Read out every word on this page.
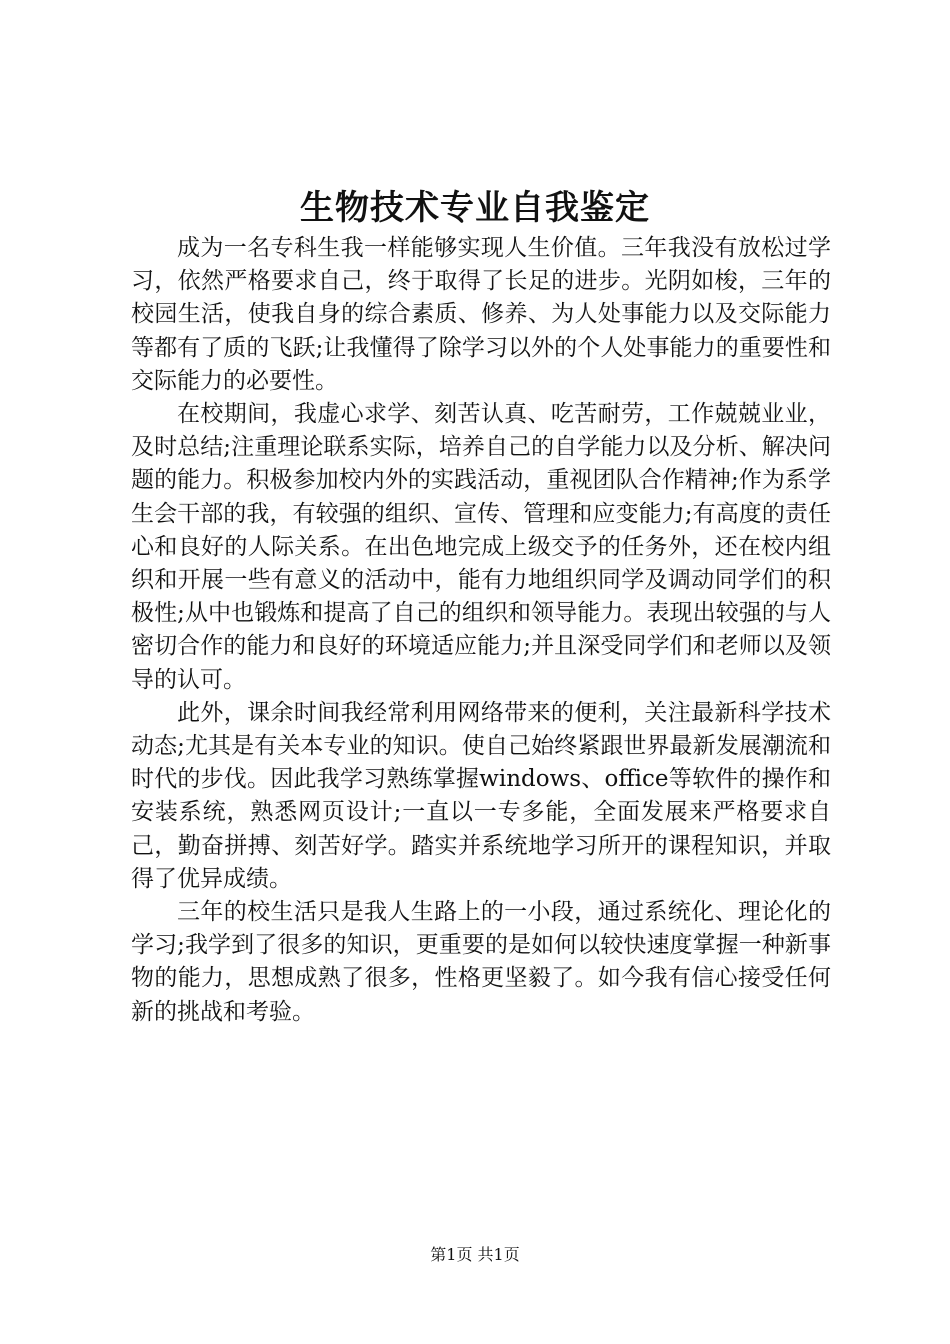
生物技术专业自我鉴定

成为一名专科生我一样能够实现人生价值。三年我没有放松过学习，依然严格要求自己，终于取得了长足的进步。光阴如梭，三年的校园生活，使我自身的综合素质、修养、为人处事能力以及交际能力等都有了质的飞跃;让我懂得了除学习以外的个人处事能力的重要性和交际能力的必要性。

在校期间，我虚心求学、刻苦认真、吃苦耐劳，工作兢兢业业，及时总结;注重理论联系实际，培养自己的自学能力以及分析、解决问题的能力。积极参加校内外的实践活动，重视团队合作精神;作为系学生会干部的我，有较强的组织、宣传、管理和应变能力;有高度的责任心和良好的人际关系。在出色地完成上级交予的任务外，还在校内组织和开展一些有意义的活动中，能有力地组织同学及调动同学们的积极性;从中也锻炼和提高了自己的组织和领导能力。表现出较强的与人密切合作的能力和良好的环境适应能力;并且深受同学们和老师以及领导的认可。

此外，课余时间我经常利用网络带来的便利，关注最新科学技术动态;尤其是有关本专业的知识。使自己始终紧跟世界最新发展潮流和时代的步伐。因此我学习熟练掌握windows、office等软件的操作和安装系统，熟悉网页设计;一直以一专多能，全面发展来严格要求自己，勤奋拼搏、刻苦好学。踏实并系统地学习所开的课程知识，并取得了优异成绩。

三年的校生活只是我人生路上的一小段，通过系统化、理论化的学习;我学到了很多的知识，更重要的是如何以较快速度掌握一种新事物的能力，思想成熟了很多，性格更坚毅了。如今我有信心接受任何新的挑战和考验。

第1页 共1页
